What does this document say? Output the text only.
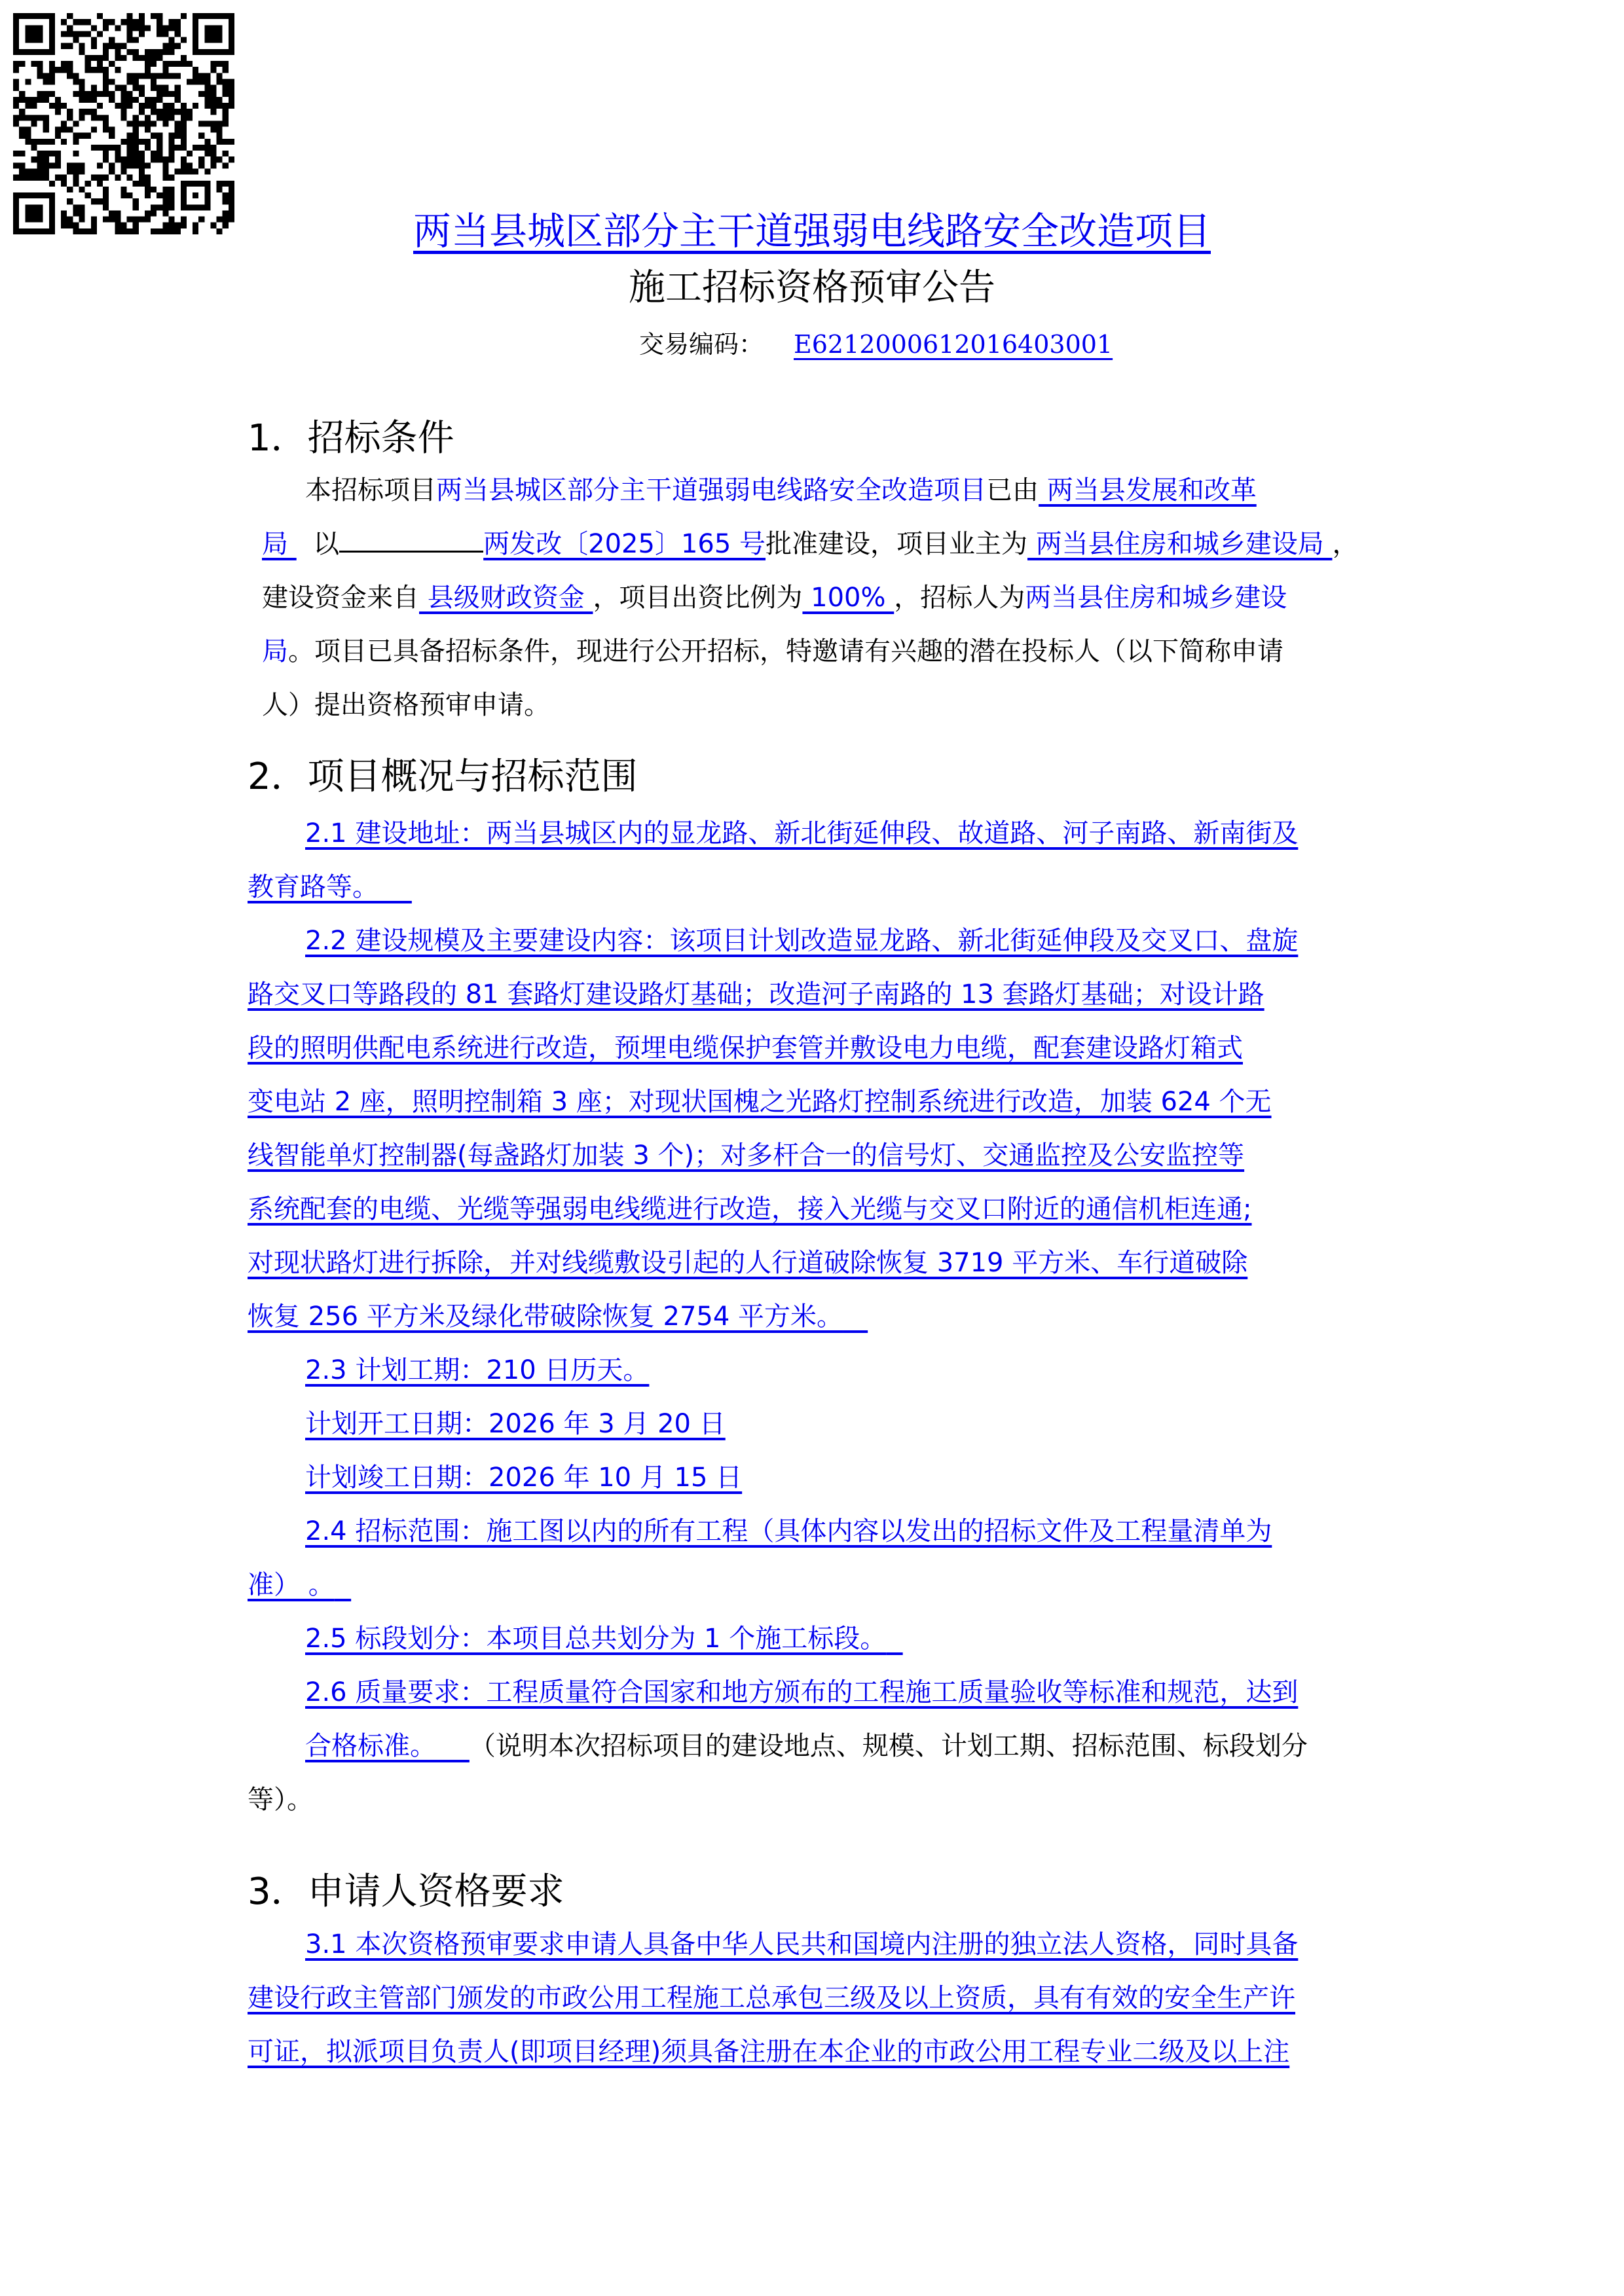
两当县城区部分主干道强弱电线路安全改造项目
施工招标资格预审公告
交易编码： E6212000612016403001
1．招标条件
本招标项目两当县城区部分主干道强弱电线路安全改造项目已由 两当县发展和改革
局   以	两发改〔2025〕165 号批准建设，项目业主为 两当县住房和城乡建设局 ，
建设资金来自 县级财政资金 ，项目出资比例为 100% ，招标人为两当县住房和城乡建设
局。项目已具备招标条件，现进行公开招标，特邀请有兴趣的潜在投标人（以下简称申请
人）提出资格预审申请。
2．项目概况与招标范围
2.1 建设地址：两当县城区内的显龙路、新北街延伸段、故道路、河子南路、新南街及
教育路等。
2.2 建设规模及主要建设内容：该项目计划改造显龙路、新北街延伸段及交叉口、盘旋
路交叉口等路段的 81 套路灯建设路灯基础；改造河子南路的 13 套路灯基础；对设计路
段的照明供配电系统进行改造，预埋电缆保护套管并敷设电力电缆，配套建设路灯箱式
变电站 2 座，照明控制箱 3 座；对现状国槐之光路灯控制系统进行改造，加装 624 个无
线智能单灯控制器(每盏路灯加装 3 个)；对多杆合一的信号灯、交通监控及公安监控等
系统配套的电缆、光缆等强弱电线缆进行改造，接入光缆与交叉口附近的通信机柜连通;
对现状路灯进行拆除，并对线缆敷设引起的人行道破除恢复 3719 平方米、车行道破除
恢复 256 平方米及绿化带破除恢复 2754 平方米。
2.3 计划工期：210 日历天。
计划开工日期：2026 年 3 月 20 日
计划竣工日期：2026 年 10 月 15 日
2.4 招标范围：施工图以内的所有工程（具体内容以发出的招标文件及工程量清单为
准） 。
2.5 标段划分：本项目总共划分为 1 个施工标段。
2.6 质量要求：工程质量符合国家和地方颁布的工程施工质量验收等标准和规范，达到
合格标准。 （说明本次招标项目的建设地点、规模、计划工期、招标范围、标段划分
等）。
3．申请人资格要求
3.1 本次资格预审要求申请人具备中华人民共和国境内注册的独立法人资格，同时具备
建设行政主管部门颁发的市政公用工程施工总承包三级及以上资质，具有有效的安全生产许
可证，拟派项目负责人(即项目经理)须具备注册在本企业的市政公用工程专业二级及以上注
